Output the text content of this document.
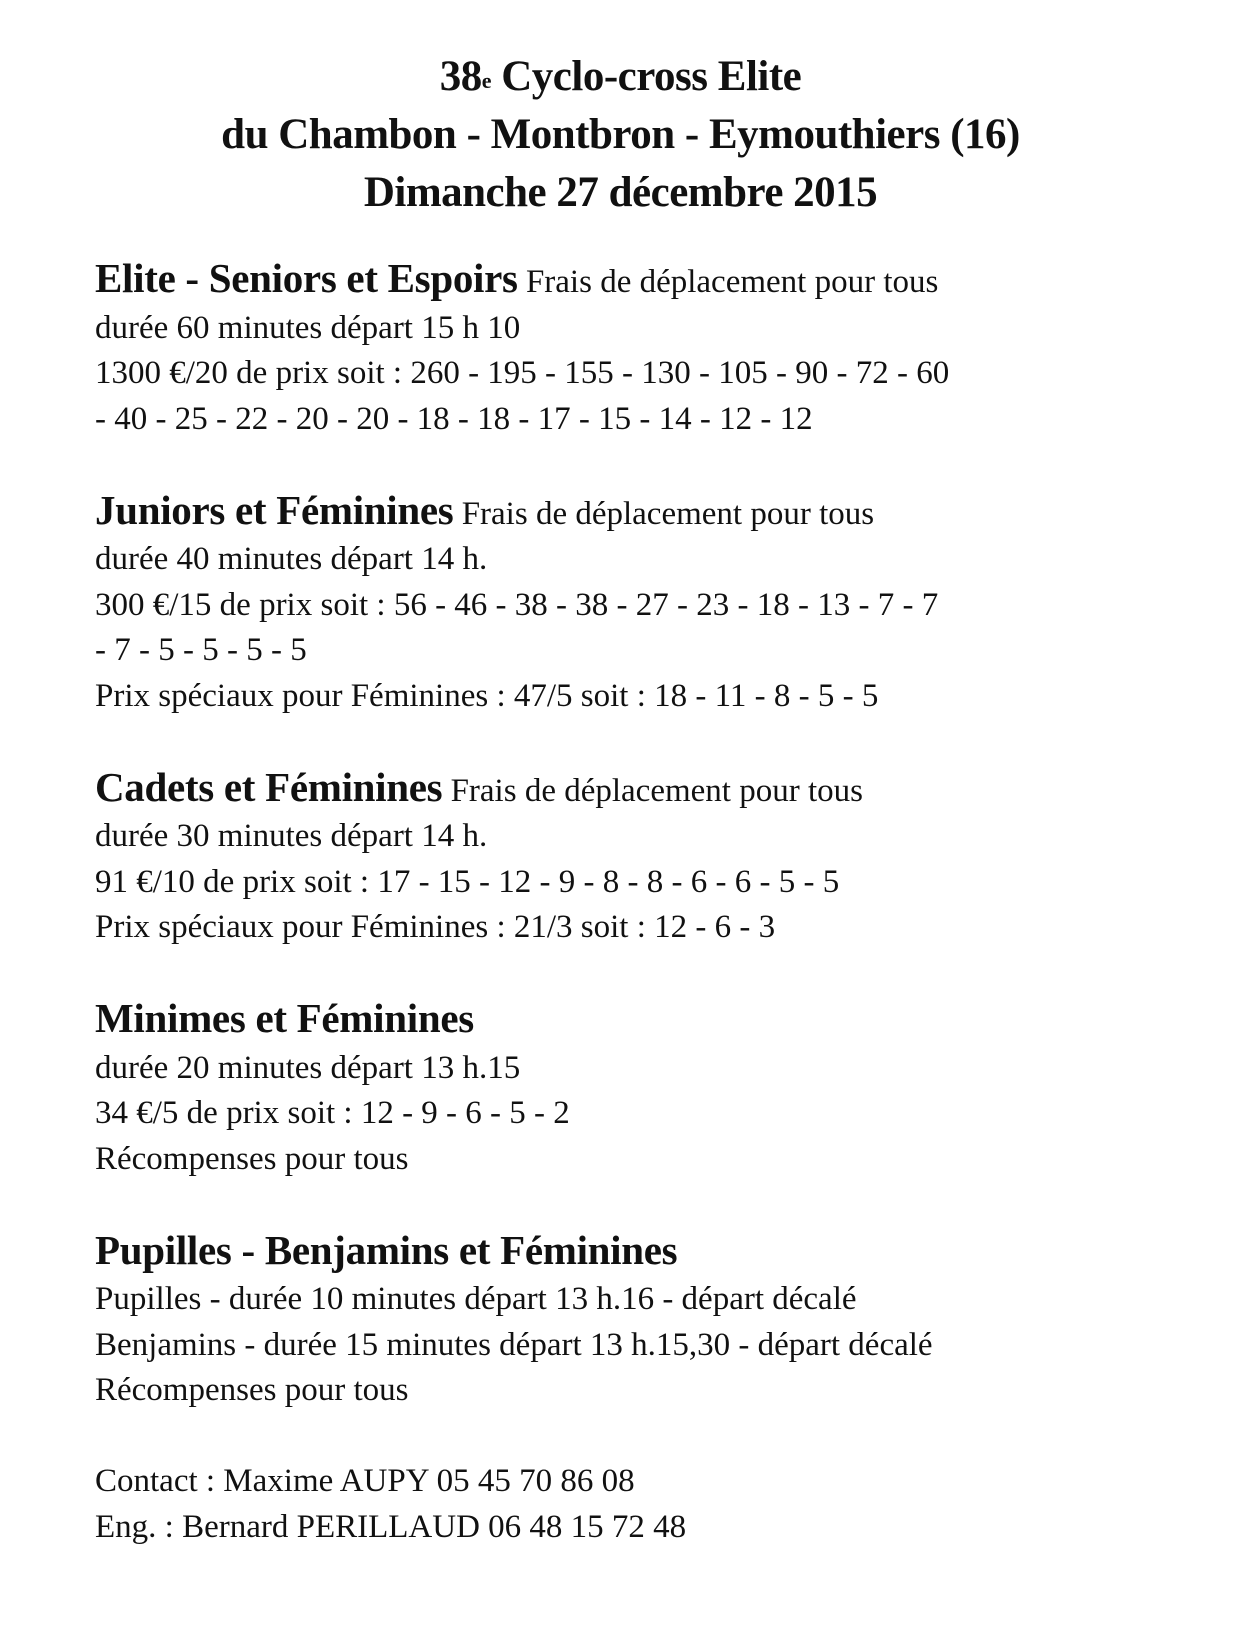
38e Cyclo-cross Elite
du Chambon - Montbron - Eymouthiers (16)
Dimanche 27 décembre 2015
Elite - Seniors et Espoirs Frais de déplacement pour tous
durée 60 minutes départ 15 h 10
1300 €/20 de prix soit : 260 - 195 - 155 - 130 - 105 - 90 - 72 - 60
- 40 - 25 - 22 - 20 - 20 - 18 - 18 - 17 - 15 - 14 - 12 - 12
Juniors et Féminines Frais de déplacement pour tous
durée 40 minutes départ 14 h.
300 €/15 de prix soit : 56 - 46 - 38 - 38 - 27 - 23 - 18 - 13 - 7 - 7
- 7 - 5 - 5 - 5 - 5
Prix spéciaux pour Féminines : 47/5 soit : 18 - 11 - 8 - 5 - 5
Cadets et Féminines Frais de déplacement pour tous
durée 30 minutes départ 14 h.
91 €/10 de prix soit : 17 - 15 - 12 - 9 - 8 - 8 - 6 - 6 - 5 - 5
Prix spéciaux pour Féminines : 21/3 soit : 12 - 6 - 3
Minimes et Féminines
durée 20 minutes départ 13 h.15
34 €/5 de prix soit : 12 - 9 - 6 - 5 - 2
Récompenses pour tous
Pupilles - Benjamins et Féminines
Pupilles - durée 10 minutes départ 13 h.16 - départ décalé
Benjamins - durée 15 minutes départ 13 h.15,30 - départ décalé
Récompenses pour tous
Contact : Maxime AUPY 05 45 70 86 08
Eng. : Bernard PERILLAUD 06 48 15 72 48
